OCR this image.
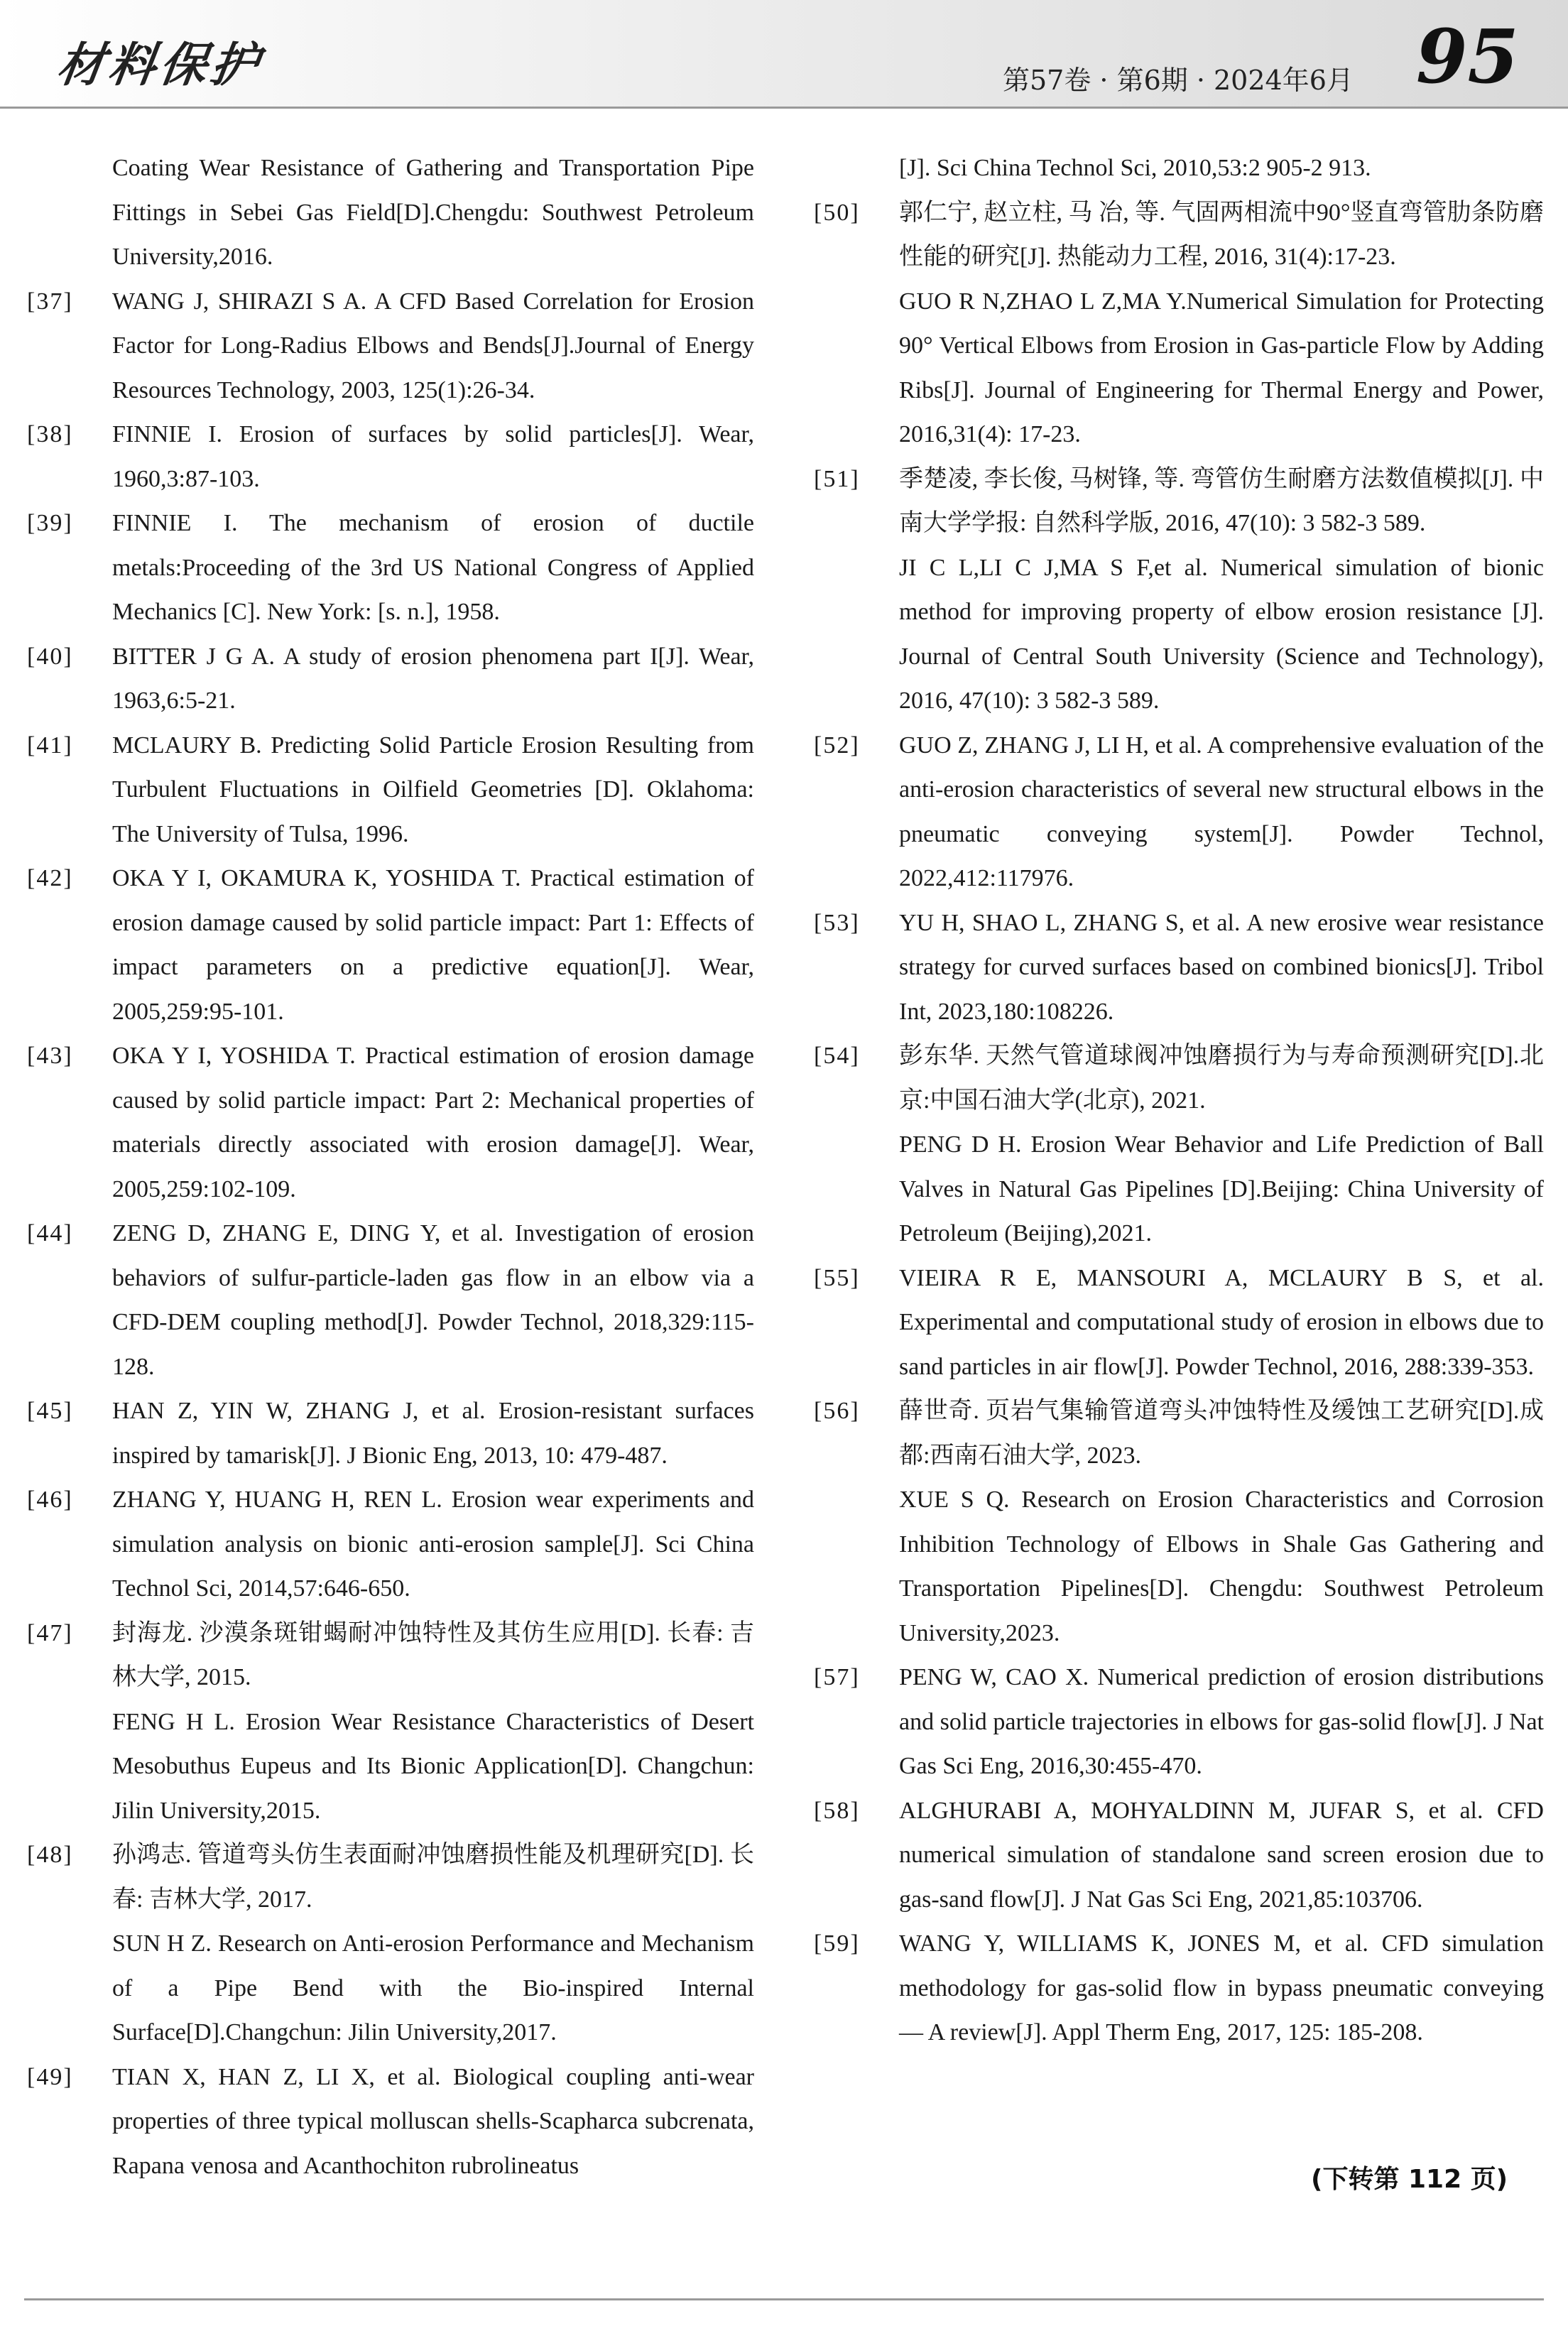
材料保护	第57卷 · 第6期 · 2024年6月 95
Coating Wear Resistance of Gathering and Transportation Pipe Fittings in Sebei Gas Field[D].Chengdu: Southwest Petroleum University,2016.
[37]	WANG J, SHIRAZI S A. A CFD Based Correlation for Erosion Factor for Long-Radius Elbows and Bends[J].Journal of Energy Resources Technology, 2003, 125(1):26-34.
[38]	FINNIE I. Erosion of surfaces by solid particles[J]. Wear, 1960,3:87-103.
[39]	FINNIE I. The mechanism of erosion of ductile metals:Proceeding of the 3rd US National Congress of Applied Mechanics [C]. New York: [s. n.], 1958.
[40]	BITTER J G A. A study of erosion phenomena part I[J]. Wear, 1963,6:5-21.
[41]	MCLAURY B. Predicting Solid Particle Erosion Resulting from Turbulent Fluctuations in Oilfield Geometries [D]. Oklahoma: The University of Tulsa, 1996.
[42]	OKA Y I, OKAMURA K, YOSHIDA T. Practical estimation of erosion damage caused by solid particle impact: Part 1: Effects of impact parameters on a predictive equation[J]. Wear, 2005,259:95-101.
[43]	OKA Y I, YOSHIDA T. Practical estimation of erosion damage caused by solid particle impact: Part 2: Mechanical properties of materials directly associated with erosion damage[J]. Wear, 2005,259:102-109.
[44]	ZENG D, ZHANG E, DING Y, et al. Investigation of erosion behaviors of sulfur-particle-laden gas flow in an elbow via a CFD-DEM coupling method[J]. Powder Technol, 2018,329:115-128.
[45]	HAN Z, YIN W, ZHANG J, et al. Erosion-resistant surfaces inspired by tamarisk[J]. J Bionic Eng, 2013, 10: 479-487.
[46]	ZHANG Y, HUANG H, REN L. Erosion wear experiments and simulation analysis on bionic anti-erosion sample[J]. Sci China Technol Sci, 2014,57:646-650.
[47]	封海龙. 沙漠条斑钳蝎耐冲蚀特性及其仿生应用[D]. 长春: 吉林大学, 2015.
FENG H L. Erosion Wear Resistance Characteristics of Desert Mesobuthus Eupeus and Its Bionic Application[D]. Changchun: Jilin University,2015.
[48]	孙鸿志. 管道弯头仿生表面耐冲蚀磨损性能及机理研究[D]. 长春: 吉林大学, 2017.
SUN H Z. Research on Anti-erosion Performance and Mechanism of a Pipe Bend with the Bio-inspired Internal Surface[D].Changchun: Jilin University,2017.
[49]	TIAN X, HAN Z, LI X, et al. Biological coupling anti-wear properties of three typical molluscan shells-Scapharca subcrenata, Rapana venosa and Acanthochiton rubrolineatus
[J]. Sci China Technol Sci, 2010,53:2 905-2 913.
[50]	郭仁宁, 赵立柱, 马 冶, 等. 气固两相流中90°竖直弯管肋条防磨性能的研究[J]. 热能动力工程, 2016, 31(4):17-23.
GUO R N,ZHAO L Z,MA Y.Numerical Simulation for Protecting 90° Vertical Elbows from Erosion in Gas-particle Flow by Adding Ribs[J]. Journal of Engineering for Thermal Energy and Power, 2016,31(4): 17-23.
[51]	季楚凌, 李长俊, 马树锋, 等. 弯管仿生耐磨方法数值模拟[J]. 中南大学学报: 自然科学版, 2016, 47(10): 3 582-3 589.
JI C L,LI C J,MA S F,et al. Numerical simulation of bionic method for improving property of elbow erosion resistance [J]. Journal of Central South University (Science and Technology), 2016, 47(10): 3 582-3 589.
[52]	GUO Z, ZHANG J, LI H, et al. A comprehensive evaluation of the anti-erosion characteristics of several new structural elbows in the pneumatic conveying system[J]. Powder Technol, 2022,412:117976.
[53]	YU H, SHAO L, ZHANG S, et al. A new erosive wear resistance strategy for curved surfaces based on combined bionics[J]. Tribol Int, 2023,180:108226.
[54]	彭东华. 天然气管道球阀冲蚀磨损行为与寿命预测研究[D].北京:中国石油大学(北京), 2021.
PENG D H. Erosion Wear Behavior and Life Prediction of Ball Valves in Natural Gas Pipelines [D].Beijing: China University of Petroleum (Beijing),2021.
[55]	VIEIRA R E, MANSOURI A, MCLAURY B S, et al. Experimental and computational study of erosion in elbows due to sand particles in air flow[J]. Powder Technol, 2016, 288:339-353.
[56]	薛世奇. 页岩气集输管道弯头冲蚀特性及缓蚀工艺研究[D].成都:西南石油大学, 2023.
XUE S Q. Research on Erosion Characteristics and Corrosion Inhibition Technology of Elbows in Shale Gas Gathering and Transportation Pipelines[D]. Chengdu: Southwest Petroleum University,2023.
[57]	PENG W, CAO X. Numerical prediction of erosion distributions and solid particle trajectories in elbows for gas-solid flow[J]. J Nat Gas Sci Eng, 2016,30:455-470.
[58]	ALGHURABI A, MOHYALDINN M, JUFAR S, et al. CFD numerical simulation of standalone sand screen erosion due to gas-sand flow[J]. J Nat Gas Sci Eng, 2021,85:103706.
[59]	WANG Y, WILLIAMS K, JONES M, et al. CFD simulation methodology for gas-solid flow in bypass pneumatic conveying — A review[J]. Appl Therm Eng, 2017, 125: 185-208.
(下转第 112 页)
